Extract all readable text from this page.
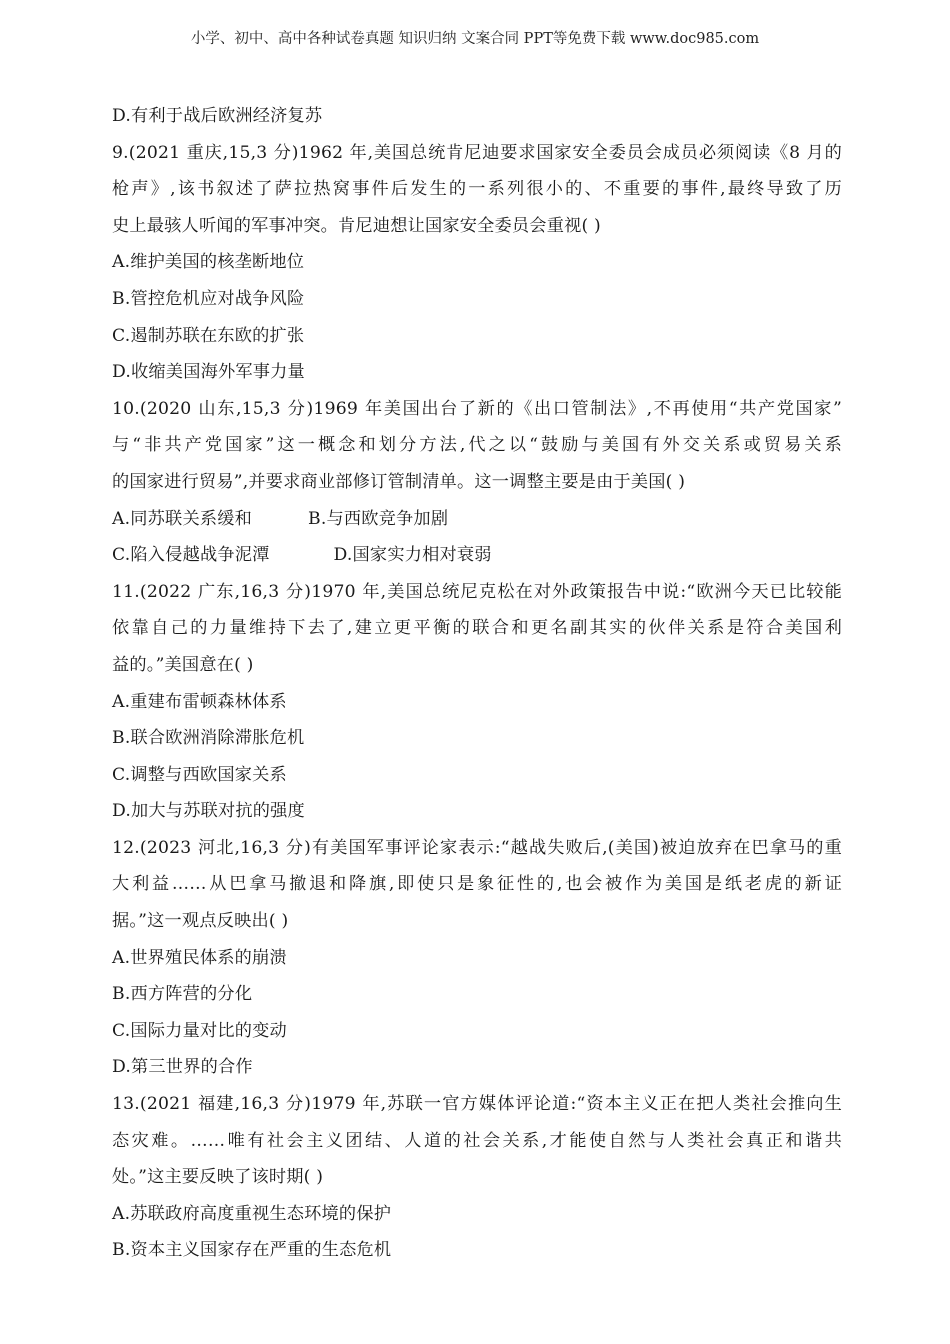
小学、初中、高中各种试卷真题 知识归纳 文案合同 PPT等免费下载 www.doc985.com
D.有利于战后欧洲经济复苏
9.(2021 重庆,15,3 分)1962 年,美国总统肯尼迪要求国家安全委员会成员必须阅读《8 月的
枪声》,该书叙述了萨拉热窝事件后发生的一系列很小的、不重要的事件,最终导致了历
史上最骇人听闻的军事冲突。肯尼迪想让国家安全委员会重视( )
A.维护美国的核垄断地位
B.管控危机应对战争风险
C.遏制苏联在东欧的扩张
D.收缩美国海外军事力量
10.(2020 山东,15,3 分)1969 年美国出台了新的《出口管制法》,不再使用“共产党国家”
与“非共产党国家”这一概念和划分方法,代之以“鼓励与美国有外交关系或贸易关系
的国家进行贸易”,并要求商业部修订管制清单。这一调整主要是由于美国( )
A.同苏联关系缓和	B.与西欧竞争加剧
C.陷入侵越战争泥潭	D.国家实力相对衰弱
11.(2022 广东,16,3 分)1970 年,美国总统尼克松在对外政策报告中说:“欧洲今天已比较能
依靠自己的力量维持下去了,建立更平衡的联合和更名副其实的伙伴关系是符合美国利
益的。”美国意在( )
A.重建布雷顿森林体系
B.联合欧洲消除滞胀危机
C.调整与西欧国家关系
D.加大与苏联对抗的强度
12.(2023 河北,16,3 分)有美国军事评论家表示:“越战失败后,(美国)被迫放弃在巴拿马的重
大利益……从巴拿马撤退和降旗,即使只是象征性的,也会被作为美国是纸老虎的新证
据。”这一观点反映出( )
A.世界殖民体系的崩溃
B.西方阵营的分化
C.国际力量对比的变动
D.第三世界的合作
13.(2021 福建,16,3 分)1979 年,苏联一官方媒体评论道:“资本主义正在把人类社会推向生
态灾难。……唯有社会主义团结、人道的社会关系,才能使自然与人类社会真正和谐共
处。”这主要反映了该时期( )
A.苏联政府高度重视生态环境的保护
B.资本主义国家存在严重的生态危机
